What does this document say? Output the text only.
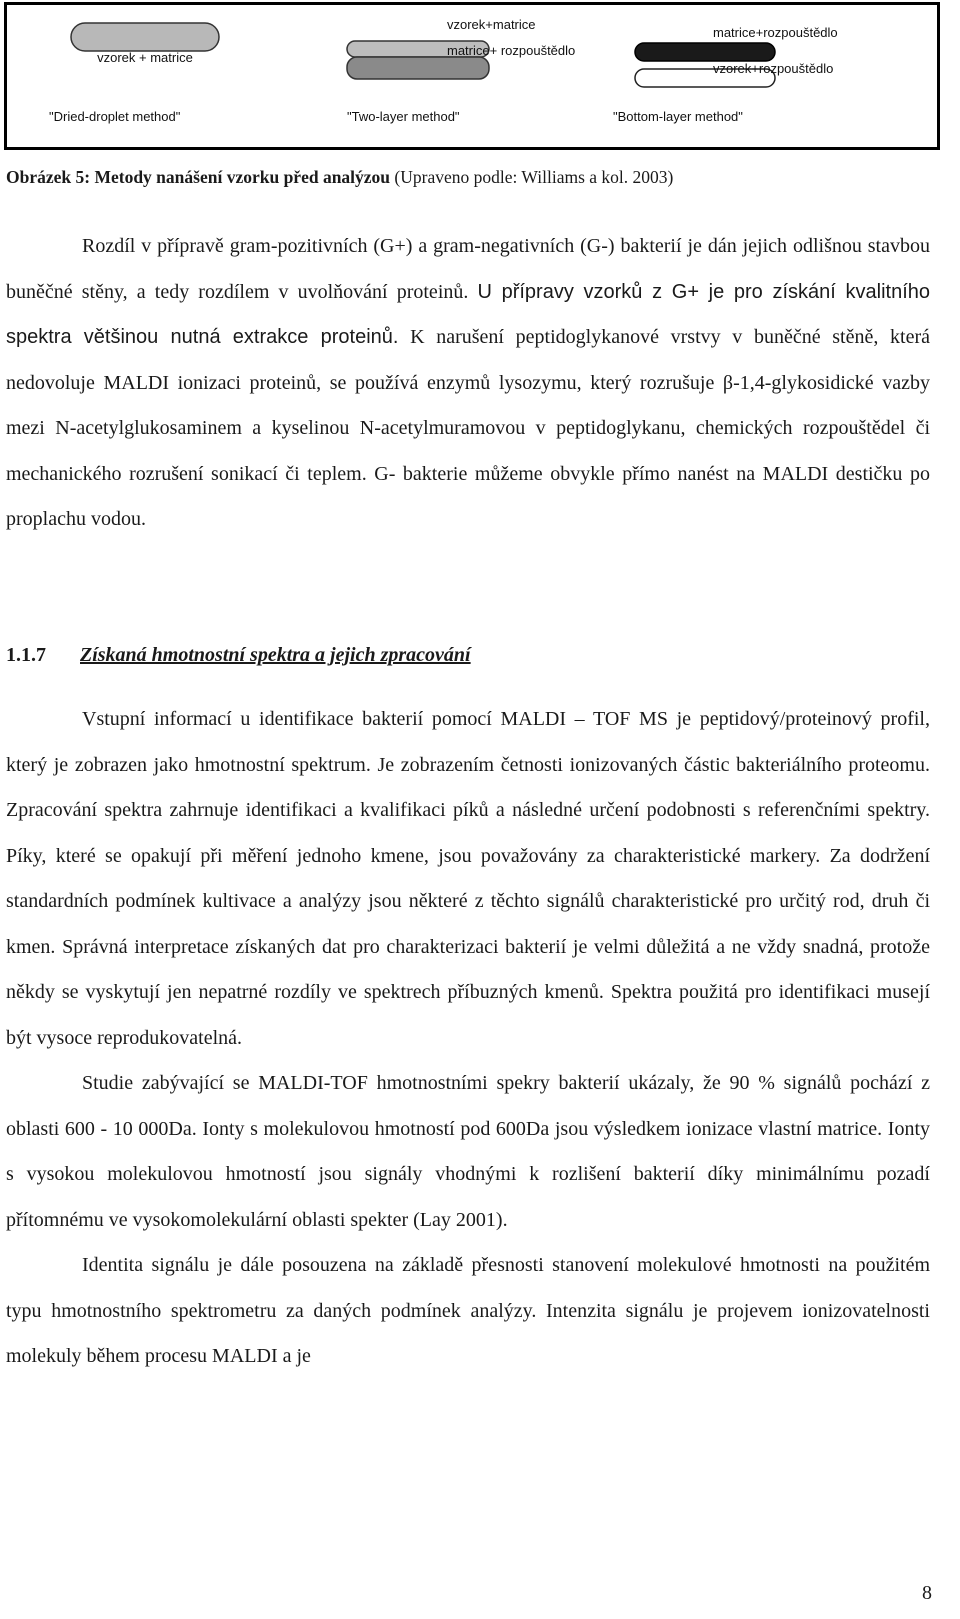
vzorek + matrice
"Dried-droplet method"
vzorek+matrice
matrice+ rozpouštědlo
"Two-layer method"
matrice+rozpouštědlo
vzorek+rozpouštědlo
"Bottom-layer method"
Obrázek 5: Metody nanášení vzorku před analýzou (Upraveno podle: Williams a kol. 2003)

Rozdíl v přípravě gram-pozitivních (G+) a gram-negativních (G-) bakterií je dán jejich odlišnou stavbou buněčné stěny, a tedy rozdílem v uvolňování proteinů. U přípravy vzorků z G+ je pro získání kvalitního spektra většinou nutná extrakce proteinů. K narušení peptidoglykanové vrstvy v buněčné stěně, která nedovoluje MALDI ionizaci proteinů, se používá enzymů lysozymu, který rozrušuje β-1,4-glykosidické vazby mezi N-acetylglukosaminem a kyselinou N-acetylmuramovou v peptidoglykanu, chemických rozpouštědel či mechanického rozrušení sonikací či teplem. G- bakterie můžeme obvykle přímo nanést na MALDI destičku po proplachu vodou.

1.1.7 Získaná hmotnostní spektra a jejich zpracování

Vstupní informací u identifikace bakterií pomocí MALDI – TOF MS je peptidový/proteinový profil, který je zobrazen jako hmotnostní spektrum. Je zobrazením četnosti ionizovaných částic bakteriálního proteomu. Zpracování spektra zahrnuje identifikaci a kvalifikaci píků a následné určení podobnosti s referenčními spektry. Píky, které se opakují při měření jednoho kmene, jsou považovány za charakteristické markery. Za dodržení standardních podmínek kultivace a analýzy jsou některé z těchto signálů charakteristické pro určitý rod, druh či kmen. Správná interpretace získaných dat pro charakterizaci bakterií je velmi důležitá a ne vždy snadná, protože někdy se vyskytují jen nepatrné rozdíly ve spektrech příbuzných kmenů. Spektra použitá pro identifikaci musejí být vysoce reprodukovatelná.

Studie zabývající se MALDI-TOF hmotnostními spekry bakterií ukázaly, že 90 % signálů pochází z oblasti 600 - 10 000Da. Ionty s molekulovou hmotností pod 600Da jsou výsledkem ionizace vlastní matrice. Ionty s vysokou molekulovou hmotností jsou signály vhodnými k rozlišení bakterií díky minimálnímu pozadí přítomnému ve vysokomolekulární oblasti spekter (Lay 2001).

Identita signálu je dále posouzena na základě přesnosti stanovení molekulové hmotnosti na použitém typu hmotnostního spektrometru za daných podmínek analýzy. Intenzita signálu je projevem ionizovatelnosti molekuly během procesu MALDI a je

8
